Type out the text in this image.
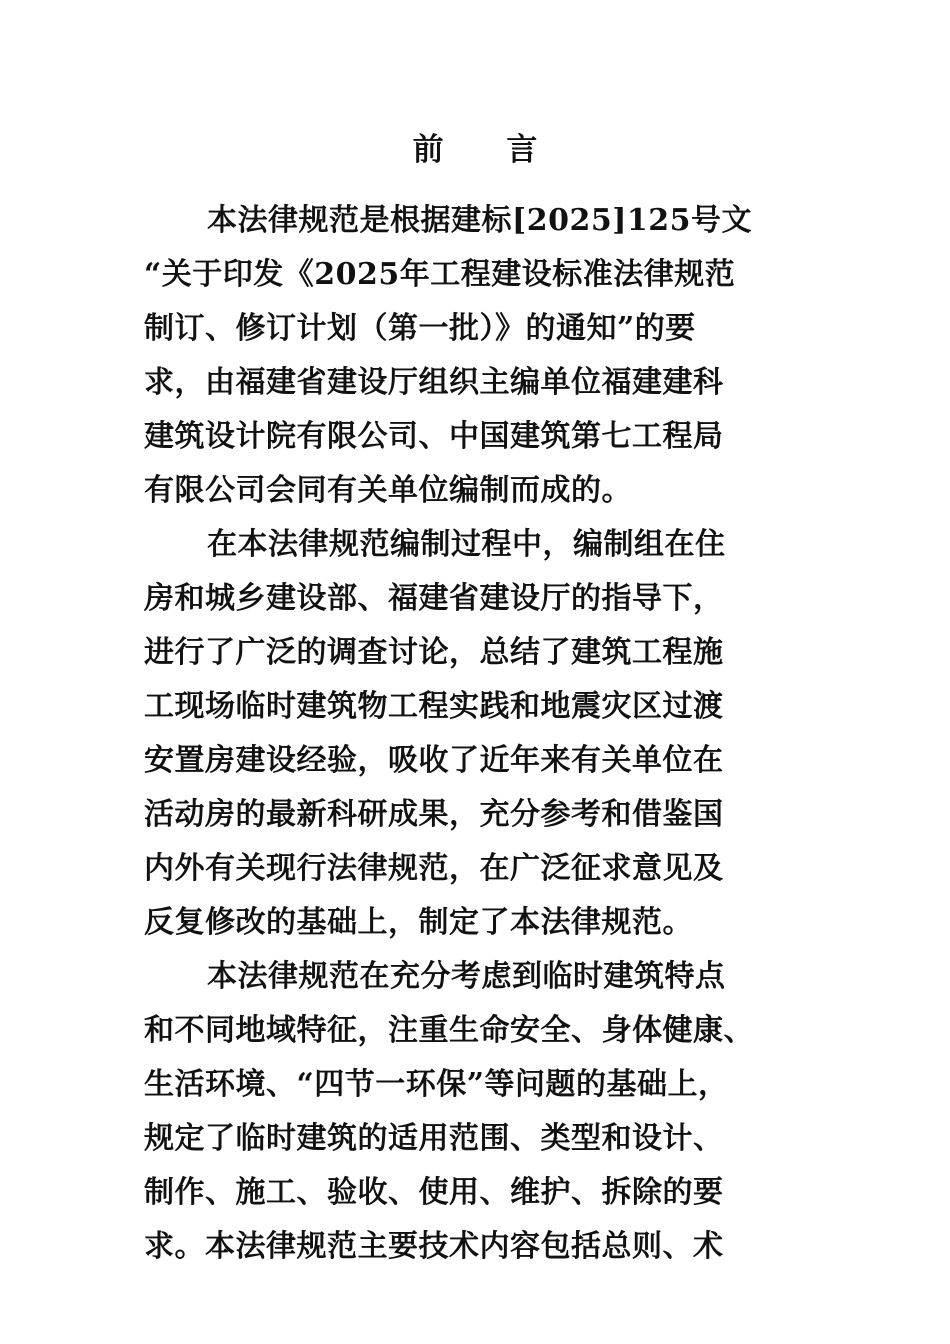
前 言
本法律规范是根据建标[2025]125号文
“关于印发《2025年工程建设标准法律规范
制订、修订计划（第一批）》的通知”的要
求，由福建省建设厅组织主编单位福建建科
建筑设计院有限公司、中国建筑第七工程局
有限公司会同有关单位编制而成的。
在本法律规范编制过程中，编制组在住
房和城乡建设部、福建省建设厅的指导下，
进行了广泛的调查讨论，总结了建筑工程施
工现场临时建筑物工程实践和地震灾区过渡
安置房建设经验，吸收了近年来有关单位在
活动房的最新科研成果，充分参考和借鉴国
内外有关现行法律规范，在广泛征求意见及
反复修改的基础上，制定了本法律规范。
本法律规范在充分考虑到临时建筑特点
和不同地域特征，注重生命安全、身体健康、
生活环境、“四节一环保”等问题的基础上，
规定了临时建筑的适用范围、类型和设计、
制作、施工、验收、使用、维护、拆除的要
求。本法律规范主要技术内容包括总则、术
